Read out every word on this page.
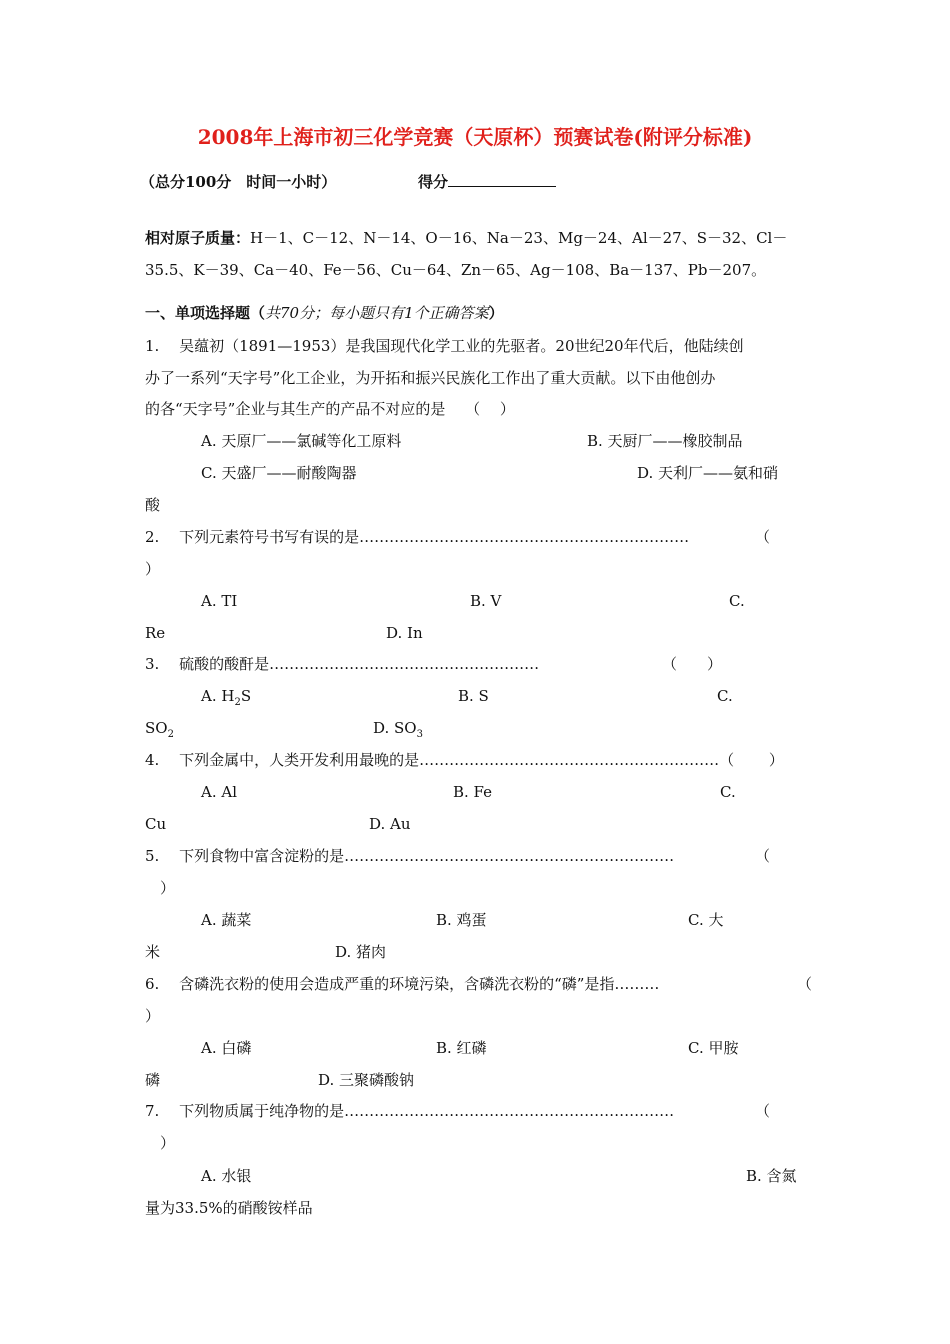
2008年上海市初三化学竞赛（天原杯）预赛试卷(附评分标准)
（总分100分　时间一小时）	得分
相对原子质量：H－1、C－12、N－14、O－16、Na－23、Mg－24、Al－27、S－32、Cl－
35.5、K－39、Ca－40、Fe－56、Cu－64、Zn－65、Ag－108、Ba－137、Pb－207。
一、单项选择题（共70分；每小题只有1个正确答案）
1.　 吴蕴初（1891—1953）是我国现代化学工业的先驱者。20世纪20年代后，他陆续创
办了一系列“天字号”化工企业，为开拓和振兴民族化工作出了重大贡献。以下由他创办
的各“天字号”企业与其生产的产品不对应的是　 （　 ）
A. 天原厂——氯碱等化工原料	B. 天厨厂——橡胶制品
C. 天盛厂——耐酸陶器	D. 天利厂——氨和硝
酸
2.　 下列元素符号书写有误的是…………………………………………………………	（
）
A. TI	B. V	C.
Re	D. In
3.　 硫酸的酸酐是………………………………………………	（　　）
A. $H_2S$	B. S	C.
$SO_2$	D. $SO_3$
4.　 下列金属中，人类开发利用最晚的是……………………………………………………（　　 ）
A. Al	B. Fe	C.
Cu	D. Au
5.　 下列食物中富含淀粉的是…………………………………………………………	（
）
A. 蔬菜	B. 鸡蛋	C. 大
米	D. 猪肉
6.　 含磷洗衣粉的使用会造成严重的环境污染，含磷洗衣粉的“磷”是指………	（
）
A. 白磷	B. 红磷	C. 甲胺
磷	D. 三聚磷酸钠
7.　 下列物质属于纯净物的是…………………………………………………………	（
）
A. 水银	B. 含氮
量为33.5%的硝酸铵样品
